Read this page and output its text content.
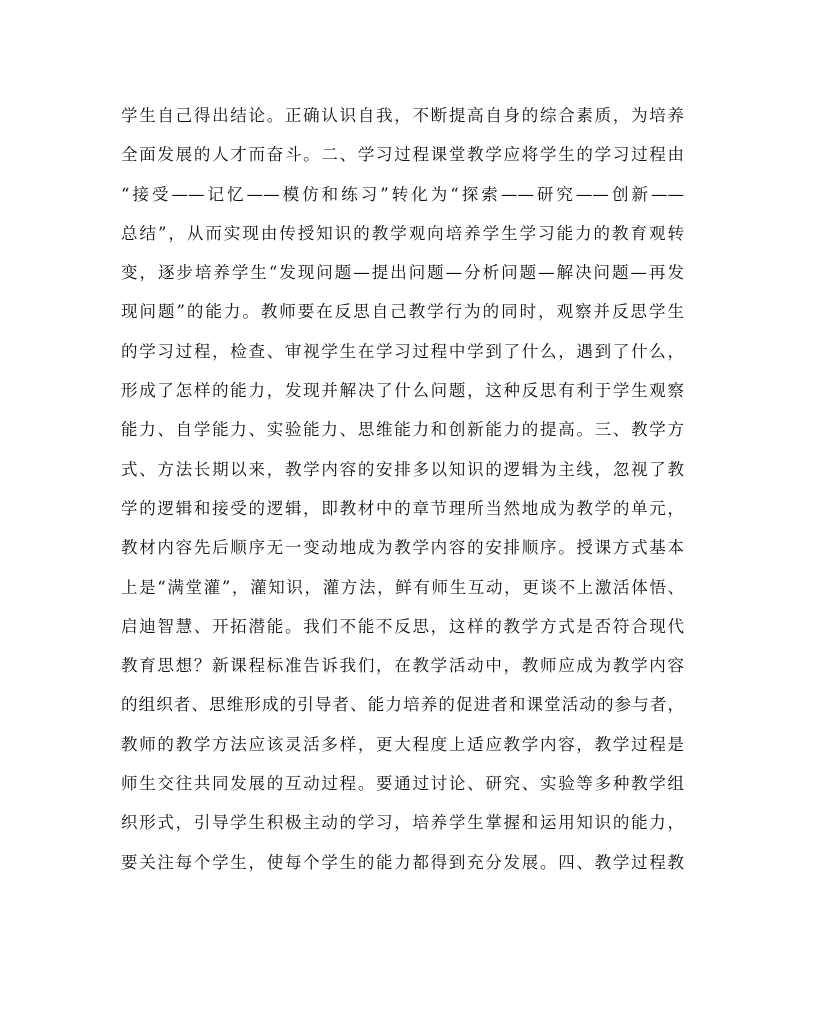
学生自己得出结论。正确认识自我，不断提高自身的综合素质，为培养
全面发展的人才而奋斗。二、学习过程课堂教学应将学生的学习过程由
“接受——记忆——模仿和练习”转化为“探索——研究——创新——
总结”，从而实现由传授知识的教学观向培养学生学习能力的教育观转
变，逐步培养学生“发现问题—提出问题—分析问题—解决问题—再发
现问题”的能力。教师要在反思自己教学行为的同时，观察并反思学生
的学习过程，检查、审视学生在学习过程中学到了什么，遇到了什么，
形成了怎样的能力，发现并解决了什么问题，这种反思有利于学生观察
能力、自学能力、实验能力、思维能力和创新能力的提高。三、教学方
式、方法长期以来，教学内容的安排多以知识的逻辑为主线，忽视了教
学的逻辑和接受的逻辑，即教材中的章节理所当然地成为教学的单元，
教材内容先后顺序无一变动地成为教学内容的安排顺序。授课方式基本
上是“满堂灌”，灌知识，灌方法，鲜有师生互动，更谈不上激活体悟、
启迪智慧、开拓潜能。我们不能不反思，这样的教学方式是否符合现代
教育思想？新课程标准告诉我们，在教学活动中，教师应成为教学内容
的组织者、思维形成的引导者、能力培养的促进者和课堂活动的参与者，
教师的教学方法应该灵活多样，更大程度上适应教学内容，教学过程是
师生交往共同发展的互动过程。要通过讨论、研究、实验等多种教学组
织形式，引导学生积极主动的学习，培养学生掌握和运用知识的能力，
要关注每个学生，使每个学生的能力都得到充分发展。四、教学过程教
